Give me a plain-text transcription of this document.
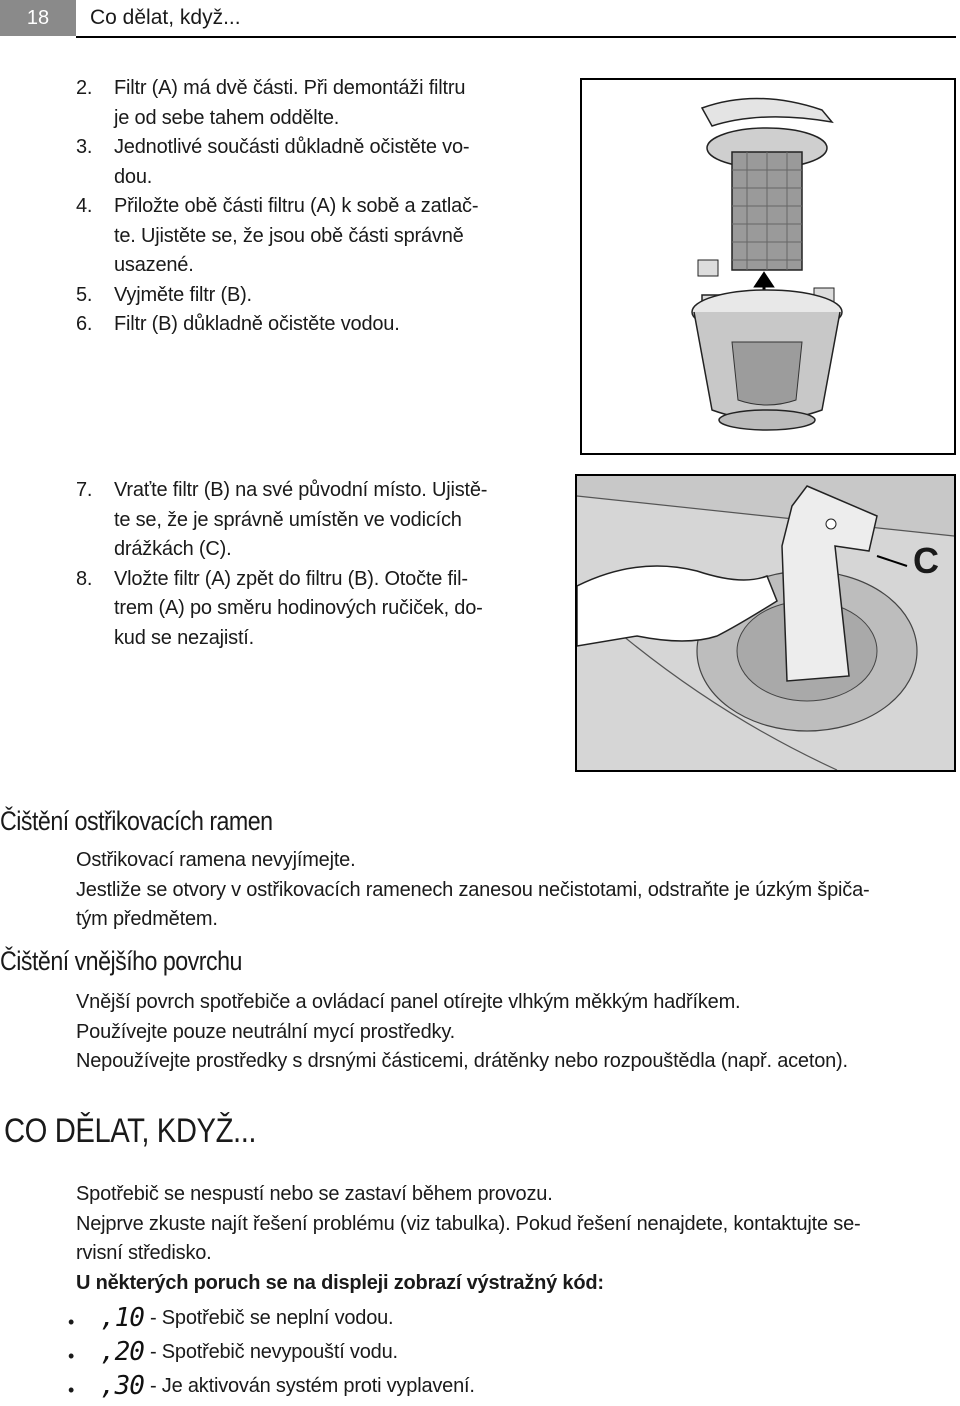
18	Co dělat, když...
2. Filtr (A) má dvě části. Při demontáži filtru
je od sebe tahem oddělte.
3. Jednotlivé součásti důkladně očistěte vo-
dou.
4. Přiložte obě části filtru (A) k sobě a zatlač-
te. Ujistěte se, že jsou obě části správně
usazené.
5. Vyjměte filtr (B).
6. Filtr (B) důkladně očistěte vodou.
7. Vraťte filtr (B) na své původní místo. Ujistě-
te se, že je správně umístěn ve vodicích
drážkách (C).
8. Vložte filtr (A) zpět do filtru (B). Otočte fil-
trem (A) po směru hodinových ručiček, do-
kud se nezajistí.
C
Čištění ostřikovacích ramen
Ostřikovací ramena nevyjímejte.
Jestliže se otvory v ostřikovacích ramenech zanesou nečistotami, odstraňte je úzkým špiča-
tým předmětem.
Čištění vnějšího povrchu
Vnější povrch spotřebiče a ovládací panel otírejte vlhkým měkkým hadříkem.
Používejte pouze neutrální mycí prostředky.
Nepoužívejte prostředky s drsnými částicemi, drátěnky nebo rozpouštědla (např. aceton).
CO DĚLAT, KDYŽ...
Spotřebič se nespustí nebo se zastaví během provozu.
Nejprve zkuste najít řešení problému (viz tabulka). Pokud řešení nenajdete, kontaktujte se-
rvisní středisko.
U některých poruch se na displeji zobrazí výstražný kód:
• ,10 - Spotřebič se neplní vodou.
• ,20 - Spotřebič nevypouští vodu.
• ,30 - Je aktivován systém proti vyplavení.
